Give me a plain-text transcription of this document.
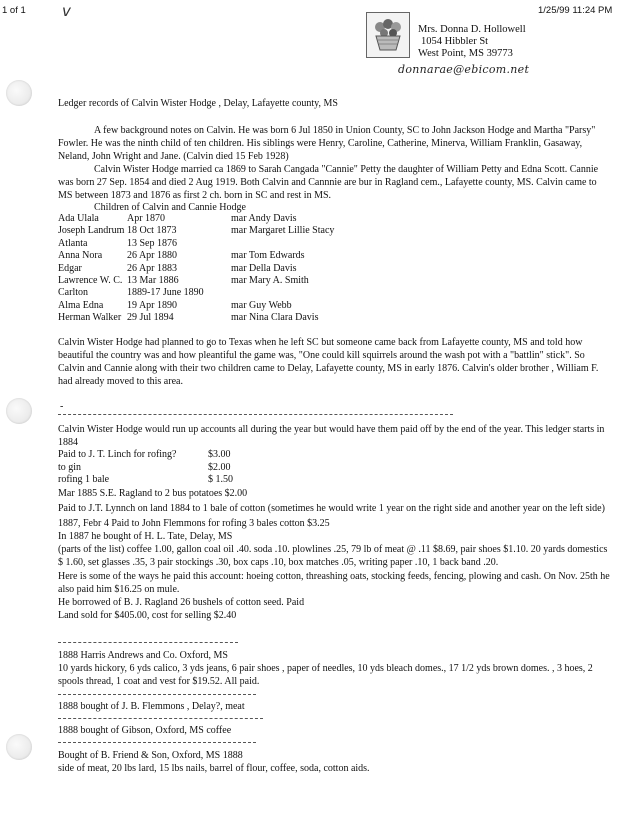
1 of 1	1/25/99 11:24 PM
v
Mrs. Donna D. Hollowell
1054 Hibbler St
West Point, MS 39773
donnarae@ebicom.net
Ledger records of Calvin Wister Hodge , Delay, Lafayette county, MS
A few background notes on Calvin. He was born 6 Jul 1850 in Union County, SC to John Jackson Hodge and Martha "Parsy" Fowler. He was the ninth child of ten children. His siblings were Henry, Caroline, Catherine, Minerva, William Franklin, Gasaway, Neland, John Wright and Jane. (Calvin died 15 Feb 1928)
Calvin Wister Hodge married ca 1869 to Sarah Cangada "Cannie" Petty the daughter of William Petty and Edna Scott. Cannie was born 27 Sep. 1854 and died 2 Aug 1919. Both Calvin and Cannnie are bur in Ragland cem., Lafayette county, MS. Calvin came to MS between 1873 and 1876 as first 2 ch. born in SC and rest in MS.
Children of Calvin and Cannie Hodge
Ada Ulala	Apr 1870	mar Andy Davis
Joseph Landrum	18 Oct 1873	mar Margaret Lillie Stacy
Atlanta	13 Sep 1876	
Anna Nora	26 Apr 1880	mar Tom Edwards
Edgar	26 Apr 1883	mar Della Davis
Lawrence W. C.	13 Mar 1886	mar Mary A. Smith
Carlton	1889-17 June 1890	
Alma Edna	19 Apr 1890	mar Guy Webb
Herman Walker	29 Jul 1894	mar Nina Clara Davis
Calvin Wister Hodge had planned to go to Texas when he left SC but someone came back from Lafayette county, MS and told how beautiful the country was and how pleantiful the game was, "One could kill squirrels around the wash pot with a "battlin" stick". So Calvin and Cannie along with their two children came to Delay, Lafayette county, MS in early 1876. Calvin's older brother , William F. had already moved to this area.
-
Calvin Wister Hodge would run up accounts all during the year but would have them paid off by the end of the year. This ledger starts in 1884
Paid to J. T. Linch for rofing?	$3.00
to gin	$2.00
rofing 1 bale	$ 1.50
Mar 1885 S.E. Ragland to 2 bus potatoes $2.00
Paid to J.T. Lynnch on land 1884 to 1 bale of cotton (sometimes he would write 1 year on the right side and another year on the left side)
1887, Febr 4 Paid to John Flemmons for rofing 3 bales cotton $3.25
In 1887 he bought of H. L. Tate, Delay, MS
(parts of the list) coffee 1.00, gallon coal oil .40. soda .10. plowlines .25, 79 lb of meat @ .11 $8.69, pair shoes $1.10. 20 yards domestics $ 1.60, set glasses .35, 3 pair stockings .30, box caps .10, box matches .05, writing paper .10, 1 back band .20.
Here is some of the ways he paid this account: hoeing cotton, threashing oats, stocking feeds, fencing, plowing and cash. On Nov. 25th he also paid him $16.25 on mule.
He borrowed of B. J. Ragland 26 bushels of cotton seed. Paid
Land sold for $405.00, cost for selling $2.40
1888 Harris Andrews and Co. Oxford, MS
10 yards hickory, 6 yds calico, 3 yds jeans, 6 pair shoes , paper of needles, 10 yds bleach domes., 17 1/2 yds brown domes. , 3 hoes, 2 spools thread, 1 coat and vest for $19.52. All paid.
1888 bought of J. B. Flemmons , Delay?, meat
1888 bought of Gibson, Oxford, MS coffee
Bought of B. Friend & Son, Oxford, MS 1888
side of meat, 20 lbs lard, 15 lbs nails, barrel of flour, coffee, soda, cotton aids.
